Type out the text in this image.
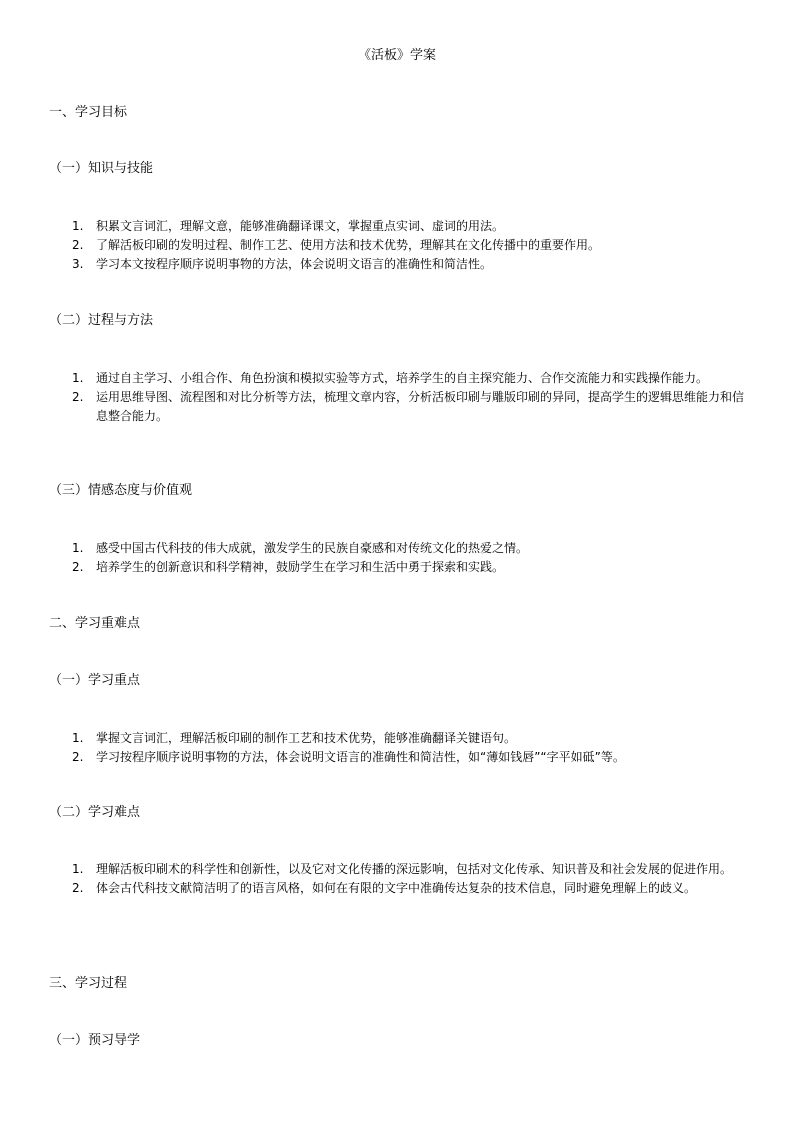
《活板》学案
一、学习目标
（一）知识与技能
1. 积累文言词汇，理解文意，能够准确翻译课文，掌握重点实词、虚词的用法。
2. 了解活板印刷的发明过程、制作工艺、使用方法和技术优势，理解其在文化传播中的重要作用。
3. 学习本文按程序顺序说明事物的方法，体会说明文语言的准确性和简洁性。
（二）过程与方法
1. 通过自主学习、小组合作、角色扮演和模拟实验等方式，培养学生的自主探究能力、合作交流能力和实践操作能力。
2. 运用思维导图、流程图和对比分析等方法，梳理文章内容，分析活板印刷与雕版印刷的异同，提高学生的逻辑思维能力和信息整合能力。
（三）情感态度与价值观
1. 感受中国古代科技的伟大成就，激发学生的民族自豪感和对传统文化的热爱之情。
2. 培养学生的创新意识和科学精神，鼓励学生在学习和生活中勇于探索和实践。
二、学习重难点
（一）学习重点
1. 掌握文言词汇，理解活板印刷的制作工艺和技术优势，能够准确翻译关键语句。
2. 学习按程序顺序说明事物的方法，体会说明文语言的准确性和简洁性，如“薄如钱唇”“字平如砥”等。
（二）学习难点
1. 理解活板印刷术的科学性和创新性，以及它对文化传播的深远影响，包括对文化传承、知识普及和社会发展的促进作用。
2. 体会古代科技文献简洁明了的语言风格，如何在有限的文字中准确传达复杂的技术信息，同时避免理解上的歧义。
三、学习过程
（一）预习导学
